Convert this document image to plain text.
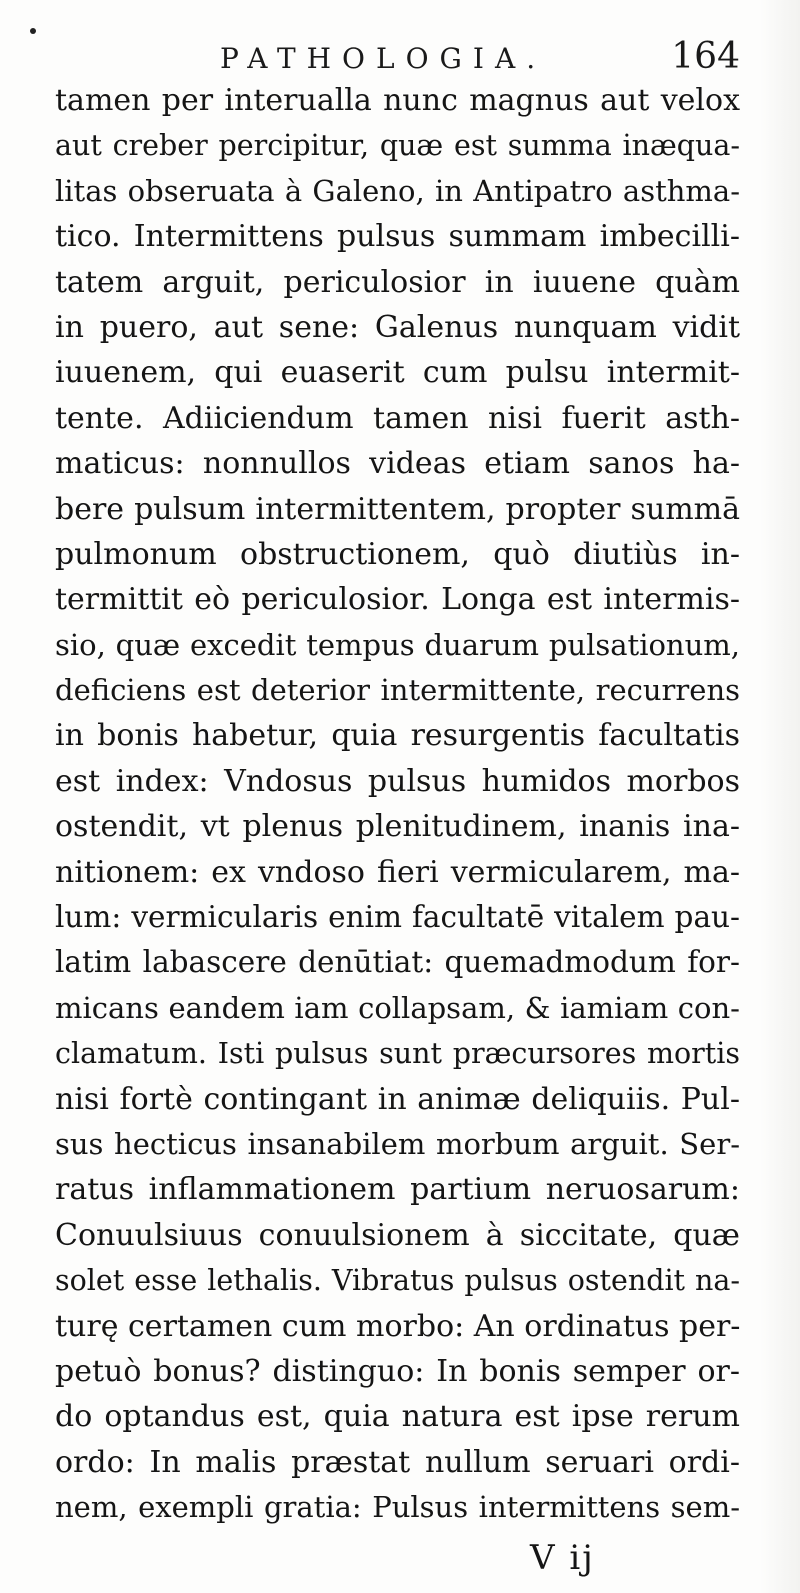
PATHOLOGIA.	164
tamen per interualla nunc magnus aut velox
aut creber percipitur, quæ est summa inæqua-
litas obseruata à Galeno, in Antipatro asthma-
tico. Intermittens pulsus summam imbecilli-
tatem arguit, periculosior in iuuene quàm
in puero, aut sene: Galenus nunquam vidit
iuuenem, qui euaserit cum pulsu intermit-
tente. Adiiciendum tamen nisi fuerit asth-
maticus: nonnullos videas etiam sanos ha-
bere pulsum intermittentem, propter summā
pulmonum obstructionem, quò diutiùs in-
termittit eò periculosior. Longa est intermis-
sio, quæ excedit tempus duarum pulsationum,
deficiens est deterior intermittente, recurrens
in bonis habetur, quia resurgentis facultatis
est index: Vndosus pulsus humidos morbos
ostendit, vt plenus plenitudinem, inanis ina-
nitionem: ex vndoso fieri vermicularem, ma-
lum: vermicularis enim facultatē vitalem pau-
latim labascere denūtiat: quemadmodum for-
micans eandem iam collapsam, & iamiam con-
clamatum. Isti pulsus sunt præcursores mortis
nisi fortè contingant in animæ deliquiis. Pul-
sus hecticus insanabilem morbum arguit. Ser-
ratus inflammationem partium neruosarum:
Conuulsiuus conuulsionem à siccitate, quæ
solet esse lethalis. Vibratus pulsus ostendit na-
turę certamen cum morbo: An ordinatus per-
petuò bonus? distinguo: In bonis semper or-
do optandus est, quia natura est ipse rerum
ordo: In malis præstat nullum seruari ordi-
nem, exempli gratia: Pulsus intermittens sem-
V ij
